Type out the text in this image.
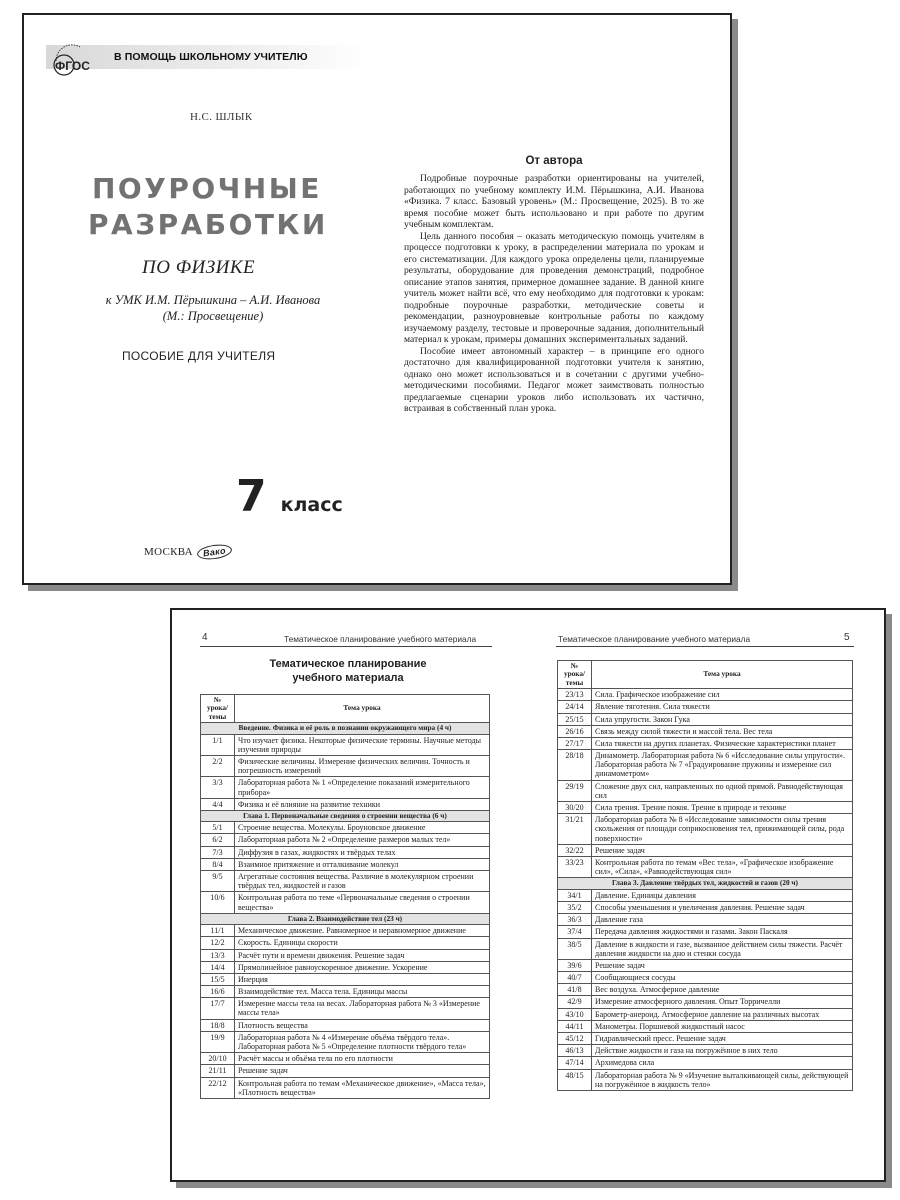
В ПОМОЩЬ ШКОЛЬНОМУ УЧИТЕЛЮ
ФГОС
Н.С. ШЛЫК
ПОУРОЧНЫЕ
РАЗРАБОТКИ
ПО ФИЗИКЕ
к УМК И.М. Пёрышкина – А.И. Иванова
(М.: Просвещение)
ПОСОБИЕ ДЛЯ УЧИТЕЛЯ
7 класс
МОСКВА	Вако
От автора

Подробные поурочные разработки ориентированы на учителей, работающих по учебному комплекту И.М. Пёрышкина, А.И. Иванова «Физика. 7 класс. Базовый уровень» (М.: Просвещение, 2025). В то же время пособие может быть использовано и при работе по другим учебным комплектам.

Цель данного пособия – оказать методическую помощь учителям в процессе подготовки к уроку, в распределении материала по урокам и его систематизации. Для каждого урока определены цели, планируемые результаты, оборудование для проведения демонстраций, подробное описание этапов занятия, примерное домашнее задание. В данной книге учитель может найти всё, что ему необходимо для подготовки к урокам: подробные поурочные разработки, методические советы и рекомендации, разноуровневые контрольные работы по каждому изучаемому разделу, тестовые и проверочные задания, дополнительный материал к урокам, примеры домашних экспериментальных заданий.

Пособие имеет автономный характер – в принципе его одного достаточно для квалифицированной подготовки учителя к занятию, однако оно может использоваться и в сочетании с другими учебно-методическими пособиями. Педагог может заимствовать полностью предлагаемые сценарии уроков либо использовать их частично, встраивая в собственный план урока.

4	Тематическое планирование учебного материала	Тематическое планирование учебного материала	5
Тематическое планирование
учебного материала
№ урока/ темы	Тема урока
Введение. Физика и её роль в познании окружающего мира (4 ч)	
1/1	Что изучает физика. Некоторые физические термины. Научные методы изучения природы
2/2	Физические величины. Измерение физических величин. Точность и погрешность измерений
3/3	Лабораторная работа № 1 «Определение показаний измерительного прибора»
4/4	Физика и её влияние на развитие техники
Глава 1. Первоначальные сведения о строении вещества (6 ч)	
5/1	Строение вещества. Молекулы. Броуновское движение
6/2	Лабораторная работа № 2 «Определение размеров малых тел»
7/3	Диффузия в газах, жидкостях и твёрдых телах
8/4	Взаимное притяжение и отталкивание молекул
9/5	Агрегатные состояния вещества. Различие в молекулярном строении твёрдых тел, жидкостей и газов
10/6	Контрольная работа по теме «Первоначальные сведения о строении вещества»
Глава 2. Взаимодействие тел (23 ч)	
11/1	Механическое движение. Равномерное и неравномерное движение
12/2	Скорость. Единицы скорости
13/3	Расчёт пути и времени движения. Решение задач
14/4	Прямолинейное равноускоренное движение. Ускорение
15/5	Инерция
16/6	Взаимодействие тел. Масса тела. Единицы массы
17/7	Измерение массы тела на весах. Лабораторная работа № 3 «Измерение массы тела»
18/8	Плотность вещества
19/9	Лабораторная работа № 4 «Измерение объёма твёрдого тела». Лабораторная работа № 5 «Определение плотности твёрдого тела»
20/10	Расчёт массы и объёма тела по его плотности
21/11	Решение задач
22/12	Контрольная работа по темам «Механическое движение», «Масса тела», «Плотность вещества»
№ урока/ темы	Тема урока
23/13	Сила. Графическое изображение сил
24/14	Явление тяготения. Сила тяжести
25/15	Сила упругости. Закон Гука
26/16	Связь между силой тяжести и массой тела. Вес тела
27/17	Сила тяжести на других планетах. Физические характеристики планет
28/18	Динамометр. Лабораторная работа № 6 «Исследование силы упругости». Лабораторная работа № 7 «Градуирование пружины и измерение сил динамометром»
29/19	Сложение двух сил, направленных по одной прямой. Равнодействующая сил
30/20	Сила трения. Трение покоя. Трение в природе и технике
31/21	Лабораторная работа № 8 «Исследование зависимости силы трения скольжения от площади соприкосновения тел, прижимающей силы, рода поверхности»
32/22	Решение задач
33/23	Контрольная работа по темам «Вес тела», «Графическое изображение сил», «Сила», «Равнодействующая сил»
Глава 3. Давление твёрдых тел, жидкостей и газов (20 ч)	
34/1	Давление. Единицы давления
35/2	Способы уменьшения и увеличения давления. Решение задач
36/3	Давление газа
37/4	Передача давления жидкостями и газами. Закон Паскаля
38/5	Давление в жидкости и газе, вызванное действием силы тяжести. Расчёт давления жидкости на дно и стенки сосуда
39/6	Решение задач
40/7	Сообщающиеся сосуды
41/8	Вес воздуха. Атмосферное давление
42/9	Измерение атмосферного давления. Опыт Торричелли
43/10	Барометр-анероид. Атмосферное давление на различных высотах
44/11	Манометры. Поршневой жидкостный насос
45/12	Гидравлический пресс. Решение задач
46/13	Действие жидкости и газа на погружённое в них тело
47/14	Архимедова сила
48/15	Лабораторная работа № 9 «Изучение выталкивающей силы, действующей на погружённое в жидкость тело»
